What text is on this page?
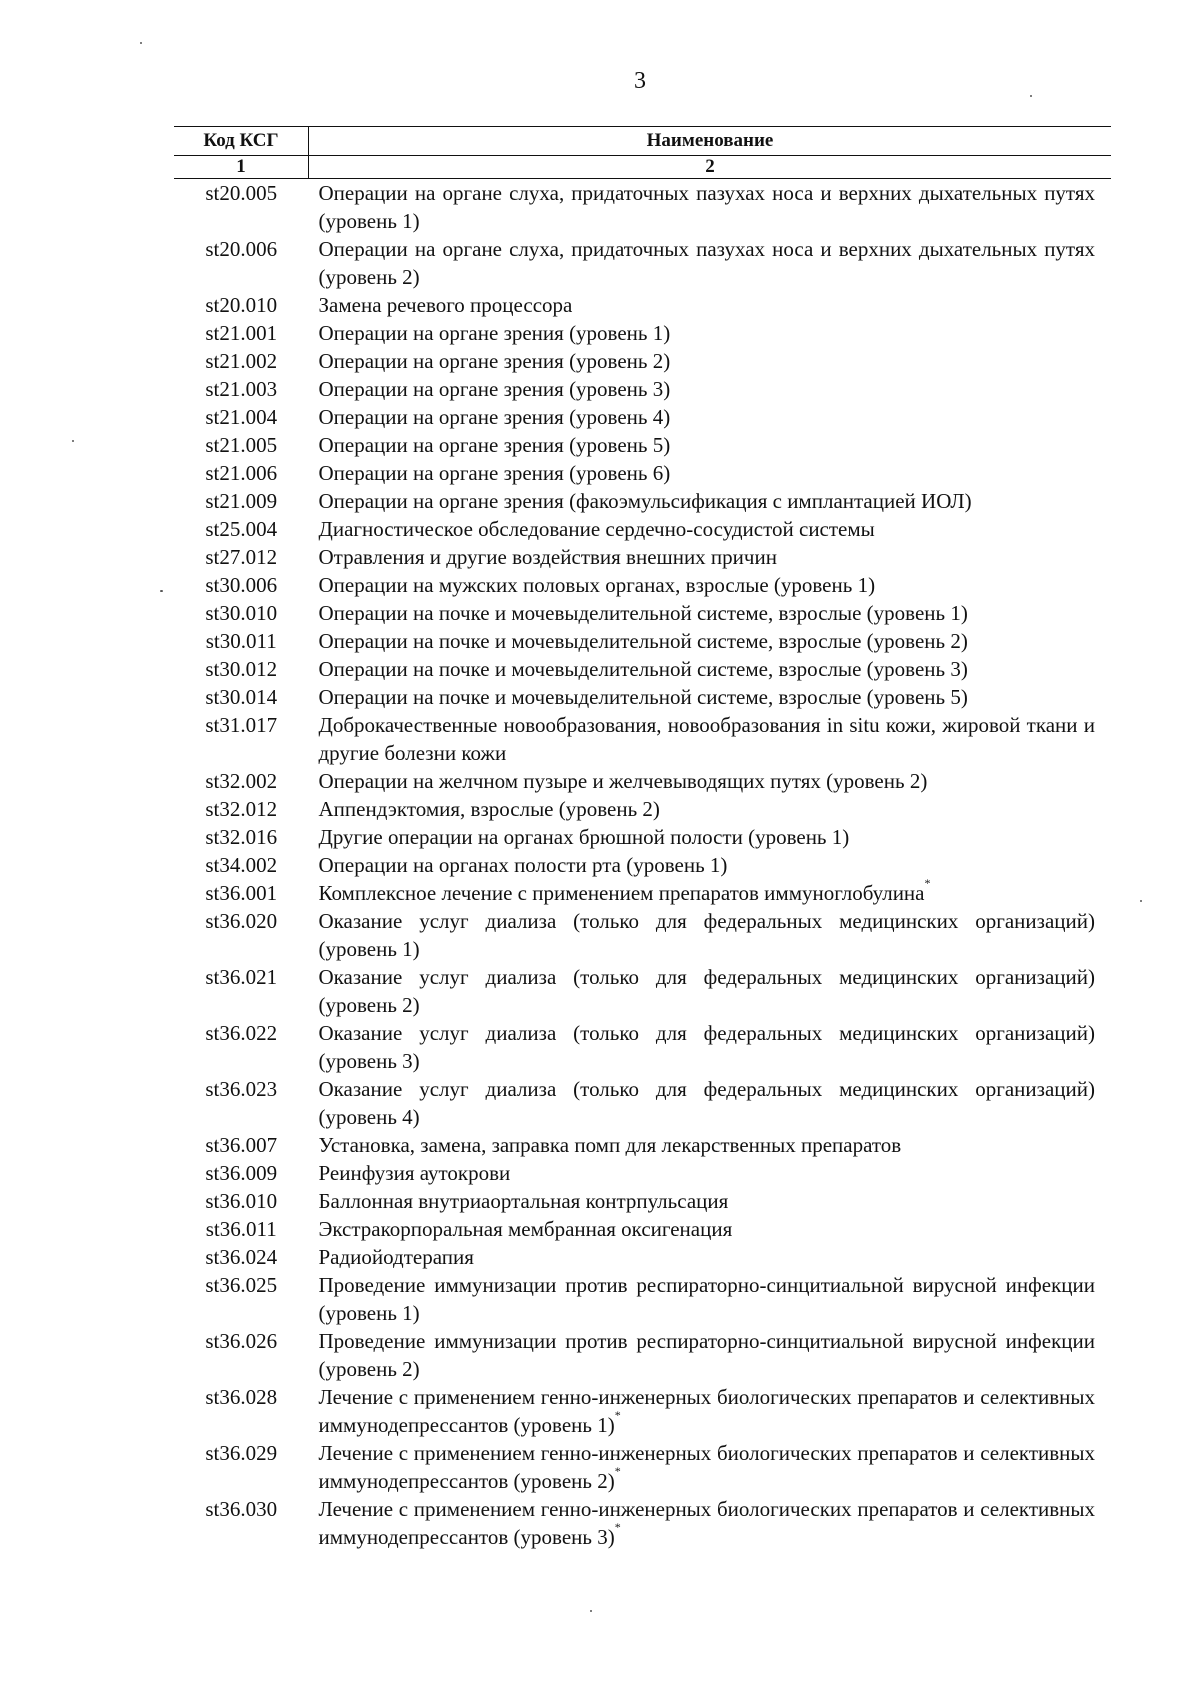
3
Код КСГ	Наименование
1	2
st20.005	Операции на органе слуха, придаточных пазухах носа и верхних дыхательных путях (уровень 1)
st20.006	Операции на органе слуха, придаточных пазухах носа и верхних дыхательных путях (уровень 2)
st20.010	Замена речевого процессора
st21.001	Операции на органе зрения (уровень 1)
st21.002	Операции на органе зрения (уровень 2)
st21.003	Операции на органе зрения (уровень 3)
st21.004	Операции на органе зрения (уровень 4)
st21.005	Операции на органе зрения (уровень 5)
st21.006	Операции на органе зрения (уровень 6)
st21.009	Операции на органе зрения (факоэмульсификация с имплантацией ИОЛ)
st25.004	Диагностическое обследование сердечно-сосудистой системы
st27.012	Отравления и другие воздействия внешних причин
st30.006	Операции на мужских половых органах, взрослые (уровень 1)
st30.010	Операции на почке и мочевыделительной системе, взрослые (уровень 1)
st30.011	Операции на почке и мочевыделительной системе, взрослые (уровень 2)
st30.012	Операции на почке и мочевыделительной системе, взрослые (уровень 3)
st30.014	Операции на почке и мочевыделительной системе, взрослые (уровень 5)
st31.017	Доброкачественные новообразования, новообразования in situ кожи, жировой ткани и другие болезни кожи
st32.002	Операции на желчном пузыре и желчевыводящих путях (уровень 2)
st32.012	Аппендэктомия, взрослые (уровень 2)
st32.016	Другие операции на органах брюшной полости (уровень 1)
st34.002	Операции на органах полости рта (уровень 1)
st36.001	Комплексное лечение с применением препаратов иммуноглобулина*
st36.020	Оказание услуг диализа (только для федеральных медицинских организаций) (уровень 1)
st36.021	Оказание услуг диализа (только для федеральных медицинских организаций) (уровень 2)
st36.022	Оказание услуг диализа (только для федеральных медицинских организаций) (уровень 3)
st36.023	Оказание услуг диализа (только для федеральных медицинских организаций) (уровень 4)
st36.007	Установка, замена, заправка помп для лекарственных препаратов
st36.009	Реинфузия аутокрови
st36.010	Баллонная внутриаортальная контрпульсация
st36.011	Экстракорпоральная мембранная оксигенация
st36.024	Радиойодтерапия
st36.025	Проведение иммунизации против респираторно-синцитиальной вирусной инфекции (уровень 1)
st36.026	Проведение иммунизации против респираторно-синцитиальной вирусной инфекции (уровень 2)
st36.028	Лечение с применением генно-инженерных биологических препаратов и селективных иммунодепрессантов (уровень 1)*
st36.029	Лечение с применением генно-инженерных биологических препаратов и селективных иммунодепрессантов (уровень 2)*
st36.030	Лечение с применением генно-инженерных биологических препаратов и селективных иммунодепрессантов (уровень 3)*
